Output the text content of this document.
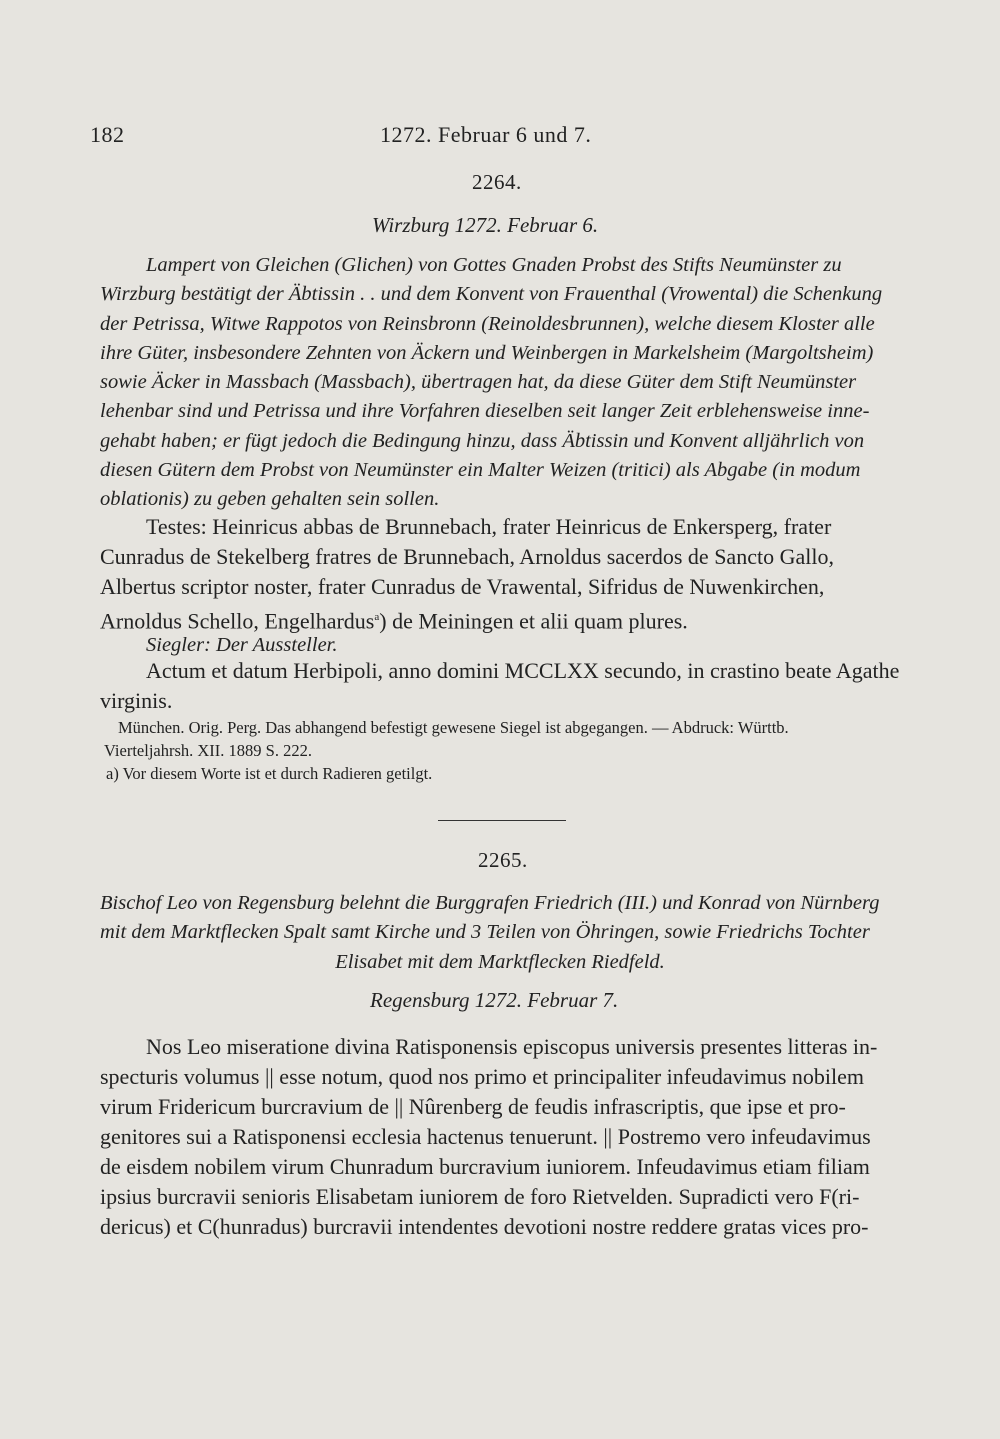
182	1272. Februar 6 und 7.
2264.
Wirzburg 1272. Februar 6.
Lampert von Gleichen (Glichen) von Gottes Gnaden Probst des Stifts Neumünster zu
Wirzburg bestätigt der Äbtissin . . und dem Konvent von Frauenthal (Vrowental) die Schenkung
der Petrissa, Witwe Rappotos von Reinsbronn (Reinoldesbrunnen), welche diesem Kloster alle
ihre Güter, insbesondere Zehnten von Äckern und Weinbergen in Markelsheim (Margoltsheim)
sowie Äcker in Massbach (Massbach), übertragen hat, da diese Güter dem Stift Neumünster
lehenbar sind und Petrissa und ihre Vorfahren dieselben seit langer Zeit erblehensweise inne-
gehabt haben; er fügt jedoch die Bedingung hinzu, dass Äbtissin und Konvent alljährlich von
diesen Gütern dem Probst von Neumünster ein Malter Weizen (tritici) als Abgabe (in modum
oblationis) zu geben gehalten sein sollen.
Testes: Heinricus abbas de Brunnebach, frater Heinricus de Enkersperg, frater
Cunradus de Stekelberg fratres de Brunnebach, Arnoldus sacerdos de Sancto Gallo,
Albertus scriptor noster, frater Cunradus de Vrawental, Sifridus de Nuwenkirchen,
Arnoldus Schello, Engelhardus$^a$) de Meiningen et alii quam plures.
Siegler: Der Aussteller.
Actum et datum Herbipoli, anno domini MCCLXX secundo, in crastino beate Agathe
virginis.
München. Orig. Perg. Das abhangend befestigt gewesene Siegel ist abgegangen. — Abdruck: Württb.
Vierteljahrsh. XII. 1889 S. 222.
a) Vor diesem Worte ist et durch Radieren getilgt.
2265.
Bischof Leo von Regensburg belehnt die Burggrafen Friedrich (III.) und Konrad von Nürnberg
mit dem Marktflecken Spalt samt Kirche und 3 Teilen von Öhringen, sowie Friedrichs Tochter
Elisabet mit dem Marktflecken Riedfeld.
Regensburg 1272. Februar 7.
Nos Leo miseratione divina Ratisponensis episcopus universis presentes litteras in-
specturis volumus || esse notum, quod nos primo et principaliter infeudavimus nobilem
virum Fridericum burcravium de || Nûrenberg de feudis infrascriptis, que ipse et pro-
genitores sui a Ratisponensi ecclesia hactenus tenuerunt. || Postremo vero infeudavimus
de eisdem nobilem virum Chunradum burcravium iuniorem. Infeudavimus etiam filiam
ipsius burcravii senioris Elisabetam iuniorem de foro Rietvelden. Supradicti vero F(ri-
dericus) et C(hunradus) burcravii intendentes devotioni nostre reddere gratas vices pro-
